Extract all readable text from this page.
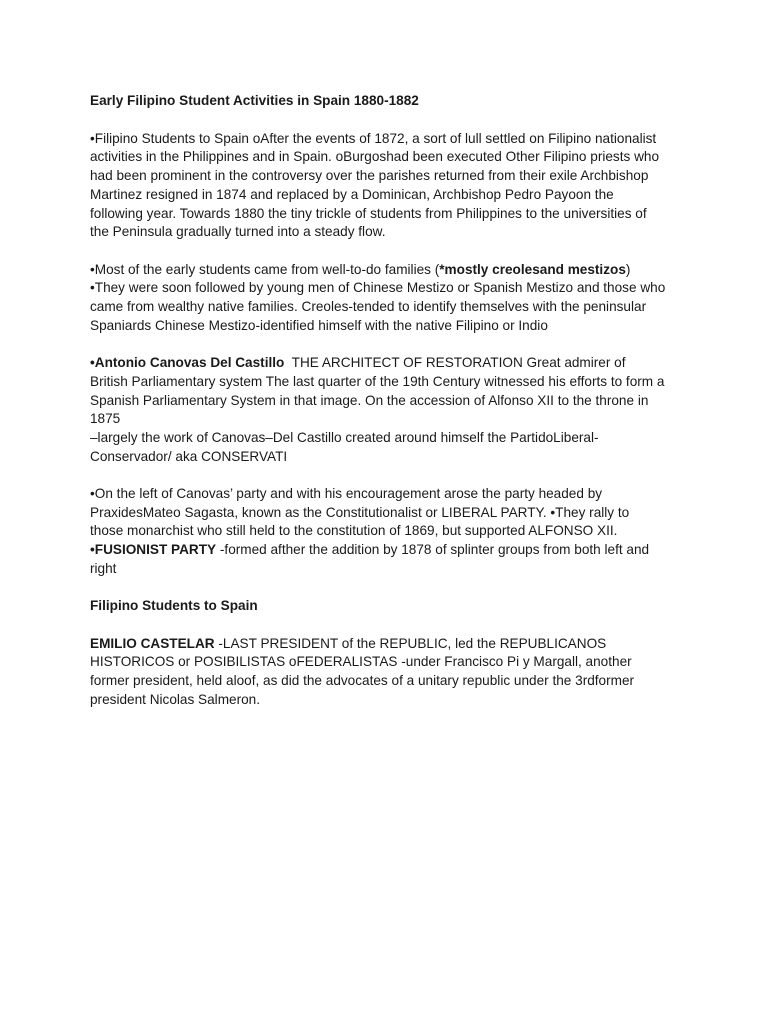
Early Filipino Student Activities in Spain 1880-1882
•Filipino Students to Spain oAfter the events of 1872, a sort of lull settled on Filipino nationalist
activities in the Philippines and in Spain. oBurgoshad been executed Other Filipino priests who
had been prominent in the controversy over the parishes returned from their exile Archbishop
Martinez resigned in 1874 and replaced by a Dominican, Archbishop Pedro Payoon the
following year. Towards 1880 the tiny trickle of students from Philippines to the universities of
the Peninsula gradually turned into a steady flow.
•Most of the early students came from well-to-do families (*mostly creolesand mestizos)
•They were soon followed by young men of Chinese Mestizo or Spanish Mestizo and those who
came from wealthy native families. Creoles-tended to identify themselves with the peninsular
Spaniards Chinese Mestizo-identified himself with the native Filipino or Indio
•Antonio Canovas Del Castillo  THE ARCHITECT OF RESTORATION Great admirer of
British Parliamentary system The last quarter of the 19th Century witnessed his efforts to form a
Spanish Parliamentary System in that image. On the accession of Alfonso XII to the throne in
1875
–largely the work of Canovas–Del Castillo created around himself the PartidoLiberal-
Conservador/ aka CONSERVATI
•On the left of Canovas’ party and with his encouragement arose the party headed by
PraxidesMateo Sagasta, known as the Constitutionalist or LIBERAL PARTY. •They rally to
those monarchist who still held to the constitution of 1869, but supported ALFONSO XII.
•FUSIONIST PARTY -formed afther the addition by 1878 of splinter groups from both left and
right
Filipino Students to Spain
EMILIO CASTELAR -LAST PRESIDENT of the REPUBLIC, led the REPUBLICANOS
HISTORICOS or POSIBILISTAS oFEDERALISTAS -under Francisco Pi y Margall, another
former president, held aloof, as did the advocates of a unitary republic under the 3rdformer
president Nicolas Salmeron.
